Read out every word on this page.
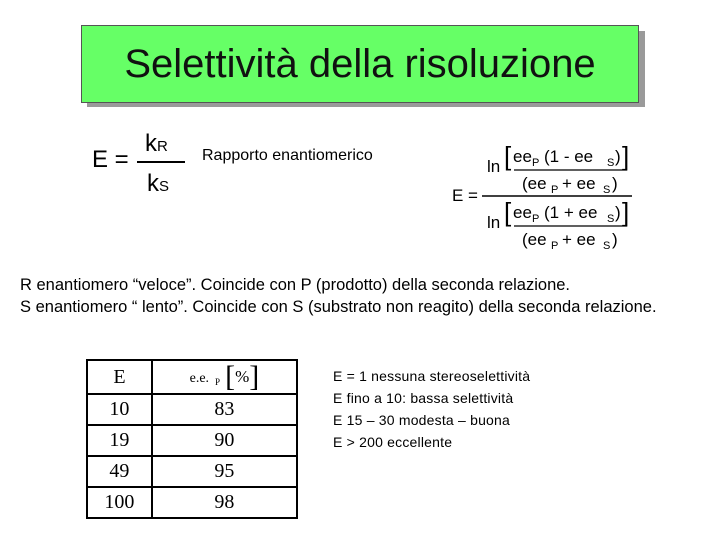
Selettività della risoluzione
E =
kR
kS
Rapporto enantiomerico
ln [ ee P (1 - ee S ) ]
(ee P + ee S )
E =
ln [ ee P (1 + ee S ) ]
(ee P + ee S )
R enantiomero “veloce”. Coincide con P (prodotto) della seconda relazione.
S enantiomero “ lento”. Coincide con S (substrato non reagito) della seconda relazione.
E	e.e. $_P$ [%]
10	83
19	90
49	95
100	98
E = 1 nessuna stereoselettività
E fino a 10: bassa selettività
E 15 – 30 modesta – buona
E > 200 eccellente
